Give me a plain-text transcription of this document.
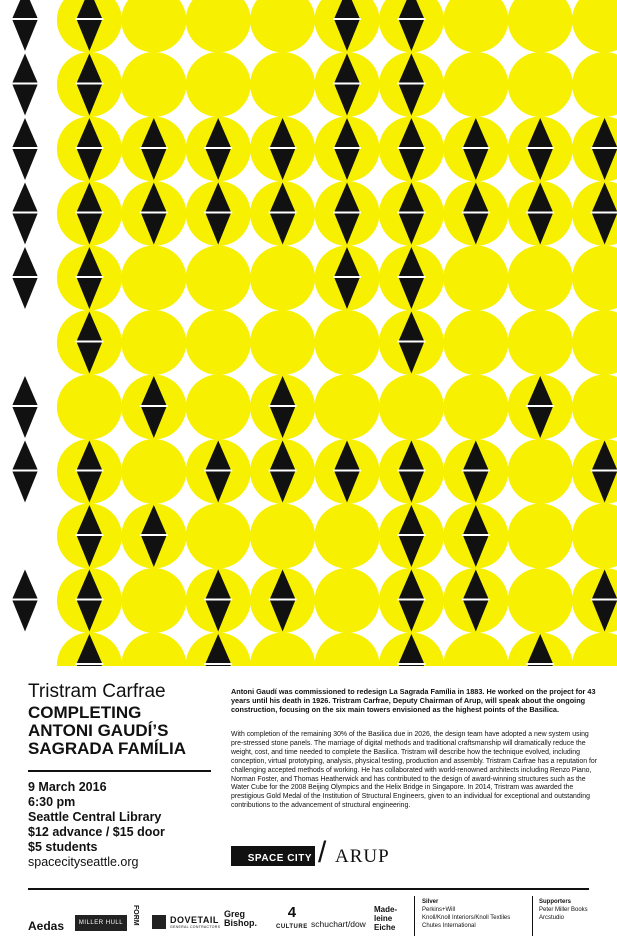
Tristram Carfrae
COMPLETING
ANTONI GAUDÍ’S
SAGRADA FAMÍLIA
9 March 2016
6:30 pm
Seattle Central Library
$12 advance / $15 door
$5 students
spacecityseattle.org

Antoni Gaudí was commissioned to redesign La Sagrada Família in 1883. He worked on the project for 43 years until his death in 1926. Tristram Carfrae, Deputy Chairman of Arup, will speak about the ongoing construction, focusing on the six main towers envisioned as the highest points of the Basilica.

With completion of the remaining 30% of the Basilica due in 2026, the design team have adopted a new system using pre-stressed stone panels. The marriage of digital methods and traditional craftsmanship will dramatically reduce the weight, cost, and time needed to complete the Basilica. Tristram will describe how the technique evolved, including conception, virtual prototyping, analysis, physical testing, production and assembly. Tristram Carfrae has a reputation for challenging accepted methods of working. He has collaborated with world-renowned architects including Renzo Piano, Norman Foster, and Thomas Heatherwick and has contributed to the design of award-winning structures such as the Water Cube for the 2008 Beijing Olympics and the Helix Bridge in Singapore. In 2014, Tristram was awarded the prestigious Gold Medal of the Institution of Structural Engineers, given to an individual for exceptional and outstanding contributions to the advancement of structural engineering.

SPACE CITY / ARUP
Aedas	MILLER HULL	FORM	DOVETAIL
GENERAL CONTRACTORS
Greg
Bishop.
4
CULTURE schuchart/dow
Made-
leine
Eiche
Silver
Perkins+Will
Knoll/Knoll Interiors/Knoll Textiles
Chutes International
Supporters
Peter Miller Books
Arcstudio
